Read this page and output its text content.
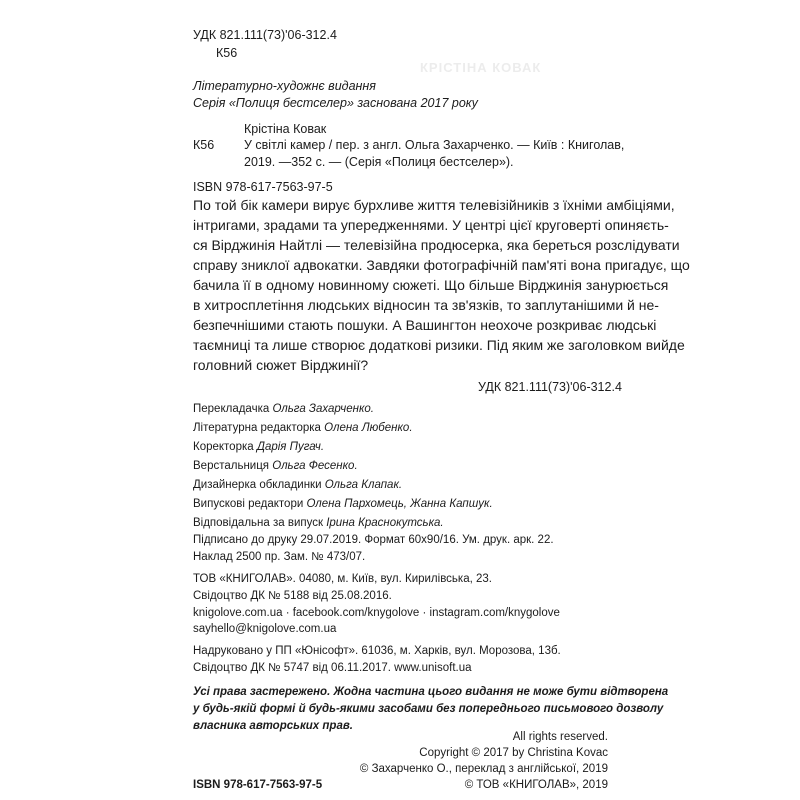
КРІСТІНА КОВАК
УДК 821.111(73)'06-312.4
К56
Літературно-художнє видання
Серія «Полиця бестселер» заснована 2017 року
Крістіна Ковак
К56 У світлі камер / пер. з англ. Ольга Захарченко. — Київ : Книголав,
2019. —352 с. — (Серія «Полиця бестселер»).
ISBN 978-617-7563-97-5
По той бік камери вирує бурхливе життя телевізійників з їхніми амбіціями,
інтригами, зрадами та упередженнями. У центрі цієї круговерті опиняєть-
ся Вірджинія Найтлі — телевізійна продюсерка, яка береться розслідувати
справу зниклої адвокатки. Завдяки фотографічній пам'яті вона пригадує, що
бачила її в одному новинному сюжеті. Що більше Вірджинія занурюється
в хитросплетіння людських відносин та зв'язків, то заплутанішими й не-
безпечнішими стають пошуки. А Вашингтон неохоче розкриває людські
таємниці та лише створює додаткові ризики. Під яким же заголовком вийде
головний сюжет Вірджинії?
УДК 821.111(73)'06-312.4
Перекладачка Ольга Захарченко.
Літературна редакторка Олена Любенко.
Коректорка Дарія Пугач.
Верстальниця Ольга Фесенко.
Дизайнерка обкладинки Ольга Клапак.
Випускові редактори Олена Пархомець, Жанна Капшук.
Відповідальна за випуск Ірина Краснокутська.
Підписано до друку 29.07.2019. Формат 60х90/16. Ум. друк. арк. 22.
Наклад 2500 пр. Зам. № 473/07.
ТОВ «КНИГОЛАВ». 04080, м. Київ, вул. Кирилівська, 23.
Свідоцтво ДК № 5188 від 25.08.2016.
knigolove.com.ua · facebook.com/knygolove · instagram.com/knygolove
sayhello@knigolove.com.ua
Надруковано у ПП «Юнісофт». 61036, м. Харків, вул. Морозова, 13б.
Свідоцтво ДК № 5747 від 06.11.2017. www.unisoft.ua
Усі права застережено. Жодна частина цього видання не може бути відтворена
у будь-якій формі й будь-якими засобами без попереднього письмового дозволу
власника авторських прав.
All rights reserved.
Copyright © 2017 by Christina Kovac
© Захарченко О., переклад з англійської, 2019
© ТОВ «КНИГОЛАВ», 2019
ISBN 978-617-7563-97-5
